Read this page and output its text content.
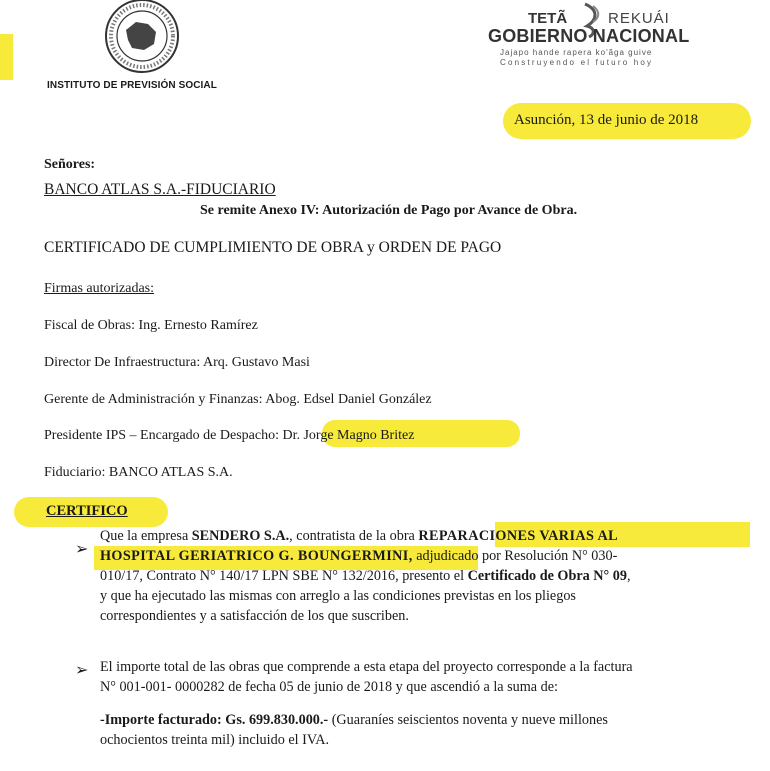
INSTITUTO DE PREVISIÓN SOCIAL
TETÃ	REKUÁI
GOBIERNO NACIONAL
Jajapo hande rapera ko'ãga guive
Construyendo el futuro hoy
Asunción, 13 de junio de 2018
Señores:
BANCO ATLAS S.A.-FIDUCIARIO
Se remite Anexo IV: Autorización de Pago por Avance de Obra.
CERTIFICADO DE CUMPLIMIENTO DE OBRA y ORDEN DE PAGO
Firmas autorizadas:
Fiscal de Obras: Ing. Ernesto Ramírez
Director De Infraestructura: Arq. Gustavo Masi
Gerente de Administración y Finanzas: Abog. Edsel Daniel González
Presidente IPS – Encargado de Despacho: Dr. Jorge Magno Britez
Fiduciario: BANCO ATLAS S.A.
CERTIFICO
➢

Que la empresa SENDERO S.A., contratista de la obra REPARACIONES VARIAS AL
HOSPITAL GERIATRICO G. BOUNGERMINI, adjudicado por Resolución N° 030-
010/17, Contrato N° 140/17 LPN SBE N° 132/2016, presento el Certificado de Obra N° 09,
y que ha ejecutado las mismas con arreglo a las condiciones previstas en los pliegos
correspondientes y a satisfacción de los que suscriben.

➢ El importe total de las obras que comprende a esta etapa del proyecto corresponde a la factura
N° 001-001- 0000282 de fecha 05 de junio de 2018 y que ascendió a la suma de:

-Importe facturado: Gs. 699.830.000.- (Guaraníes seiscientos noventa y nueve millones
ochocientos treinta mil) incluido el IVA.
